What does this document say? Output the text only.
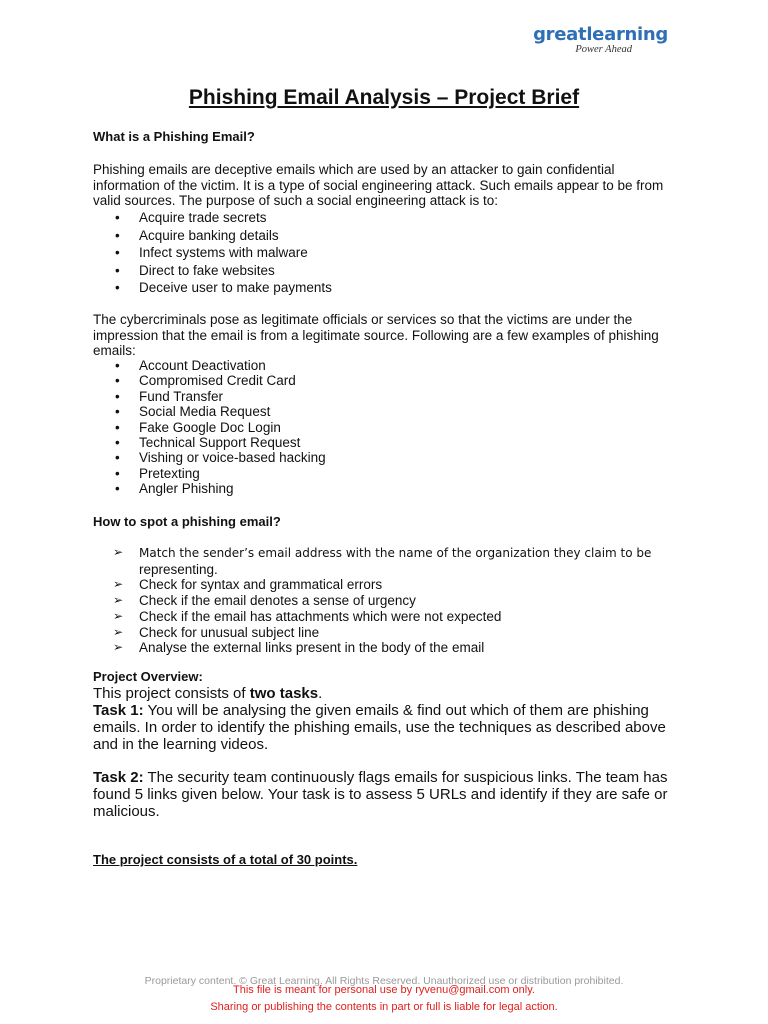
greatlearning
Power Ahead
Phishing Email Analysis – Project Brief

What is a Phishing Email?

Phishing emails are deceptive emails which are used by an attacker to gain confidential information of the victim. It is a type of social engineering attack. Such emails appear to be from valid sources. The purpose of such a social engineering attack is to:

• Acquire trade secrets
• Acquire banking details
• Infect systems with malware
• Direct to fake websites
• Deceive user to make payments

The cybercriminals pose as legitimate officials or services so that the victims are under the impression that the email is from a legitimate source. Following are a few examples of phishing emails:

• Account Deactivation
• Compromised Credit Card
• Fund Transfer
• Social Media Request
• Fake Google Doc Login
• Technical Support Request
• Vishing or voice-based hacking
• Pretexting
• Angler Phishing

How to spot a phishing email?

➢ Match the sender’s email address with the name of the organization they claim to be
representing.
➢ Check for syntax and grammatical errors
➢ Check if the email denotes a sense of urgency
➢ Check if the email has attachments which were not expected
➢ Check for unusual subject line
➢ Analyse the external links present in the body of the email

Project Overview:

This project consists of two tasks.

Task 1: You will be analysing the given emails & find out which of them are phishing emails. In order to identify the phishing emails, use the techniques as described above and in the learning videos.

Task 2: The security team continuously flags emails for suspicious links. The team has found 5 links given below. Your task is to assess 5 URLs and identify if they are safe or malicious.

The project consists of a total of 30 points.

Proprietary content. © Great Learning. All Rights Reserved. Unauthorized use or distribution prohibited.

This file is meant for personal use by ryvenu@gmail.com only.

Sharing or publishing the contents in part or full is liable for legal action.
